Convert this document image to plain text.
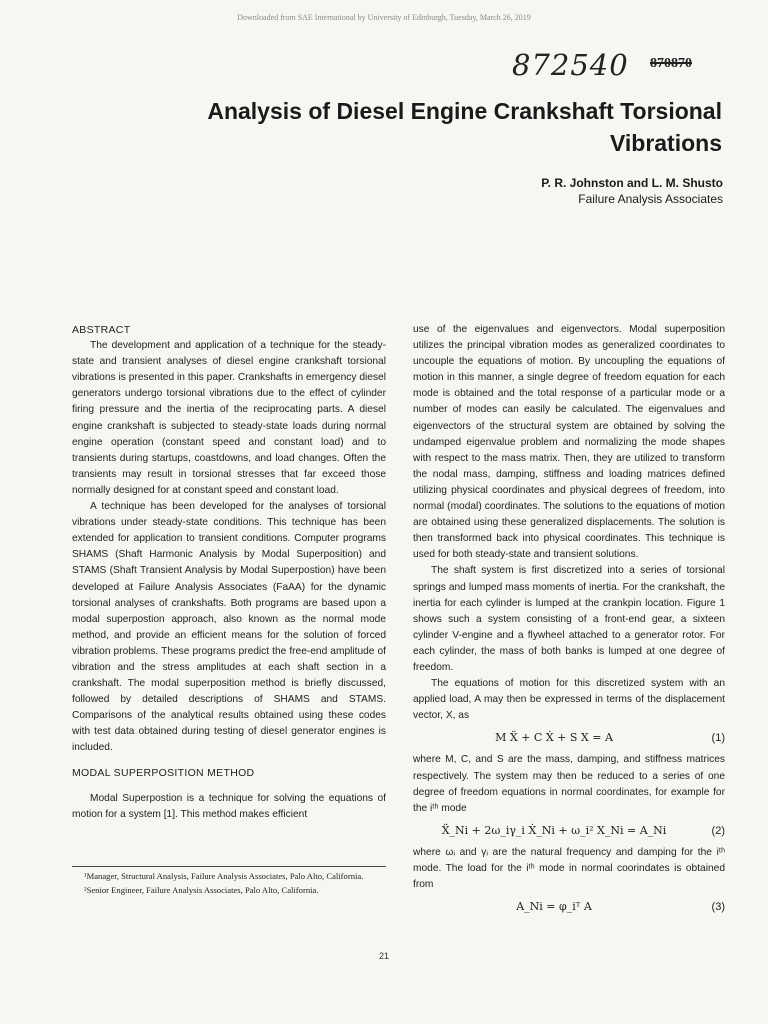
Downloaded from SAE International by University of Edinburgh, Tuesday, March 26, 2019
872540 870870
Analysis of Diesel Engine Crankshaft Torsional
Vibrations
P. R. Johnston and L. M. Shusto
Failure Analysis Associates

ABSTRACT

The development and application of a technique for the steady-state and transient analyses of diesel engine crankshaft torsional vibrations is presented in this paper. Crankshafts in emergency diesel generators undergo torsional vibrations due to the effect of cylinder firing pressure and the inertia of the reciprocating parts. A diesel engine crankshaft is subjected to steady-state loads during normal engine operation (constant speed and constant load) and to transients during startups, coastdowns, and load changes. Often the transients may result in torsional stresses that far exceed those normally designed for at constant speed and constant load.

A technique has been developed for the analyses of torsional vibrations under steady-state conditions. This technique has been extended for application to transient conditions. Computer programs SHAMS (Shaft Harmonic Analysis by Modal Superposition) and STAMS (Shaft Transient Analysis by Modal Superpostion) have been developed at Failure Analysis Associates (FaAA) for the dynamic torsional analyses of crankshafts. Both programs are based upon a modal superpostion approach, also known as the normal mode method, and provide an efficient means for the solution of forced vibration problems. These programs predict the free-end amplitude of vibration and the stress amplitudes at each shaft section in a crankshaft. The modal superposition method is briefly discussed, followed by detailed descriptions of SHAMS and STAMS. Comparisons of the analytical results obtained using these codes with test data obtained during testing of diesel generator engines is included.

MODAL SUPERPOSITION METHOD

Modal Superpostion is a technique for solving the equations of motion for a system [1]. This method makes efficient

¹Manager, Structural Analysis, Failure Analysis Associates, Palo Alto, California.

²Senior Engineer, Failure Analysis Associates, Palo Alto, California.

use of the eigenvalues and eigenvectors. Modal superposition utilizes the principal vibration modes as generalized coordinates to uncouple the equations of motion. By uncoupling the equations of motion in this manner, a single degree of freedom equation for each mode is obtained and the total response of a particular mode or a number of modes can easily be calculated. The eigenvalues and eigenvectors of the structural system are obtained by solving the undamped eigenvalue problem and normalizing the mode shapes with respect to the mass matrix. Then, they are utilized to transform the nodal mass, damping, stiffness and loading matrices defined utilizing physical coordinates and physical degrees of freedom, into normal (modal) coordinates. The solutions to the equations of motion are obtained using these generalized displacements. The solution is then transformed back into physical coordinates. This technique is used for both steady-state and transient solutions.

The shaft system is first discretized into a series of torsional springs and lumped mass moments of inertia. For the crankshaft, the inertia for each cylinder is lumped at the crankpin location. Figure 1 shows such a system consisting of a front-end gear, a sixteen cylinder V-engine and a flywheel attached to a generator rotor. For each cylinder, the mass of both banks is lumped at one degree of freedom.

The equations of motion for this discretized system with an applied load, A may then be expressed in terms of the displacement vector, X, as

M Ẍ + C Ẋ + S X = A	(1)

where M, C, and S are the mass, damping, and stiffness matrices respectively. The system may then be reduced to a series of one degree of freedom equations in normal coordinates, for example for the iᵗʰ mode

Ẍ_Ni + 2ω_iγ_i Ẋ_Ni + ω_i² X_Ni = A_Ni	(2)

where ωᵢ and γᵢ are the natural frequency and damping for the iᵗʰ mode. The load for the iᵗʰ mode in normal coorindates is obtained from

A_Ni = φ_iᵀ A	(3)
21
